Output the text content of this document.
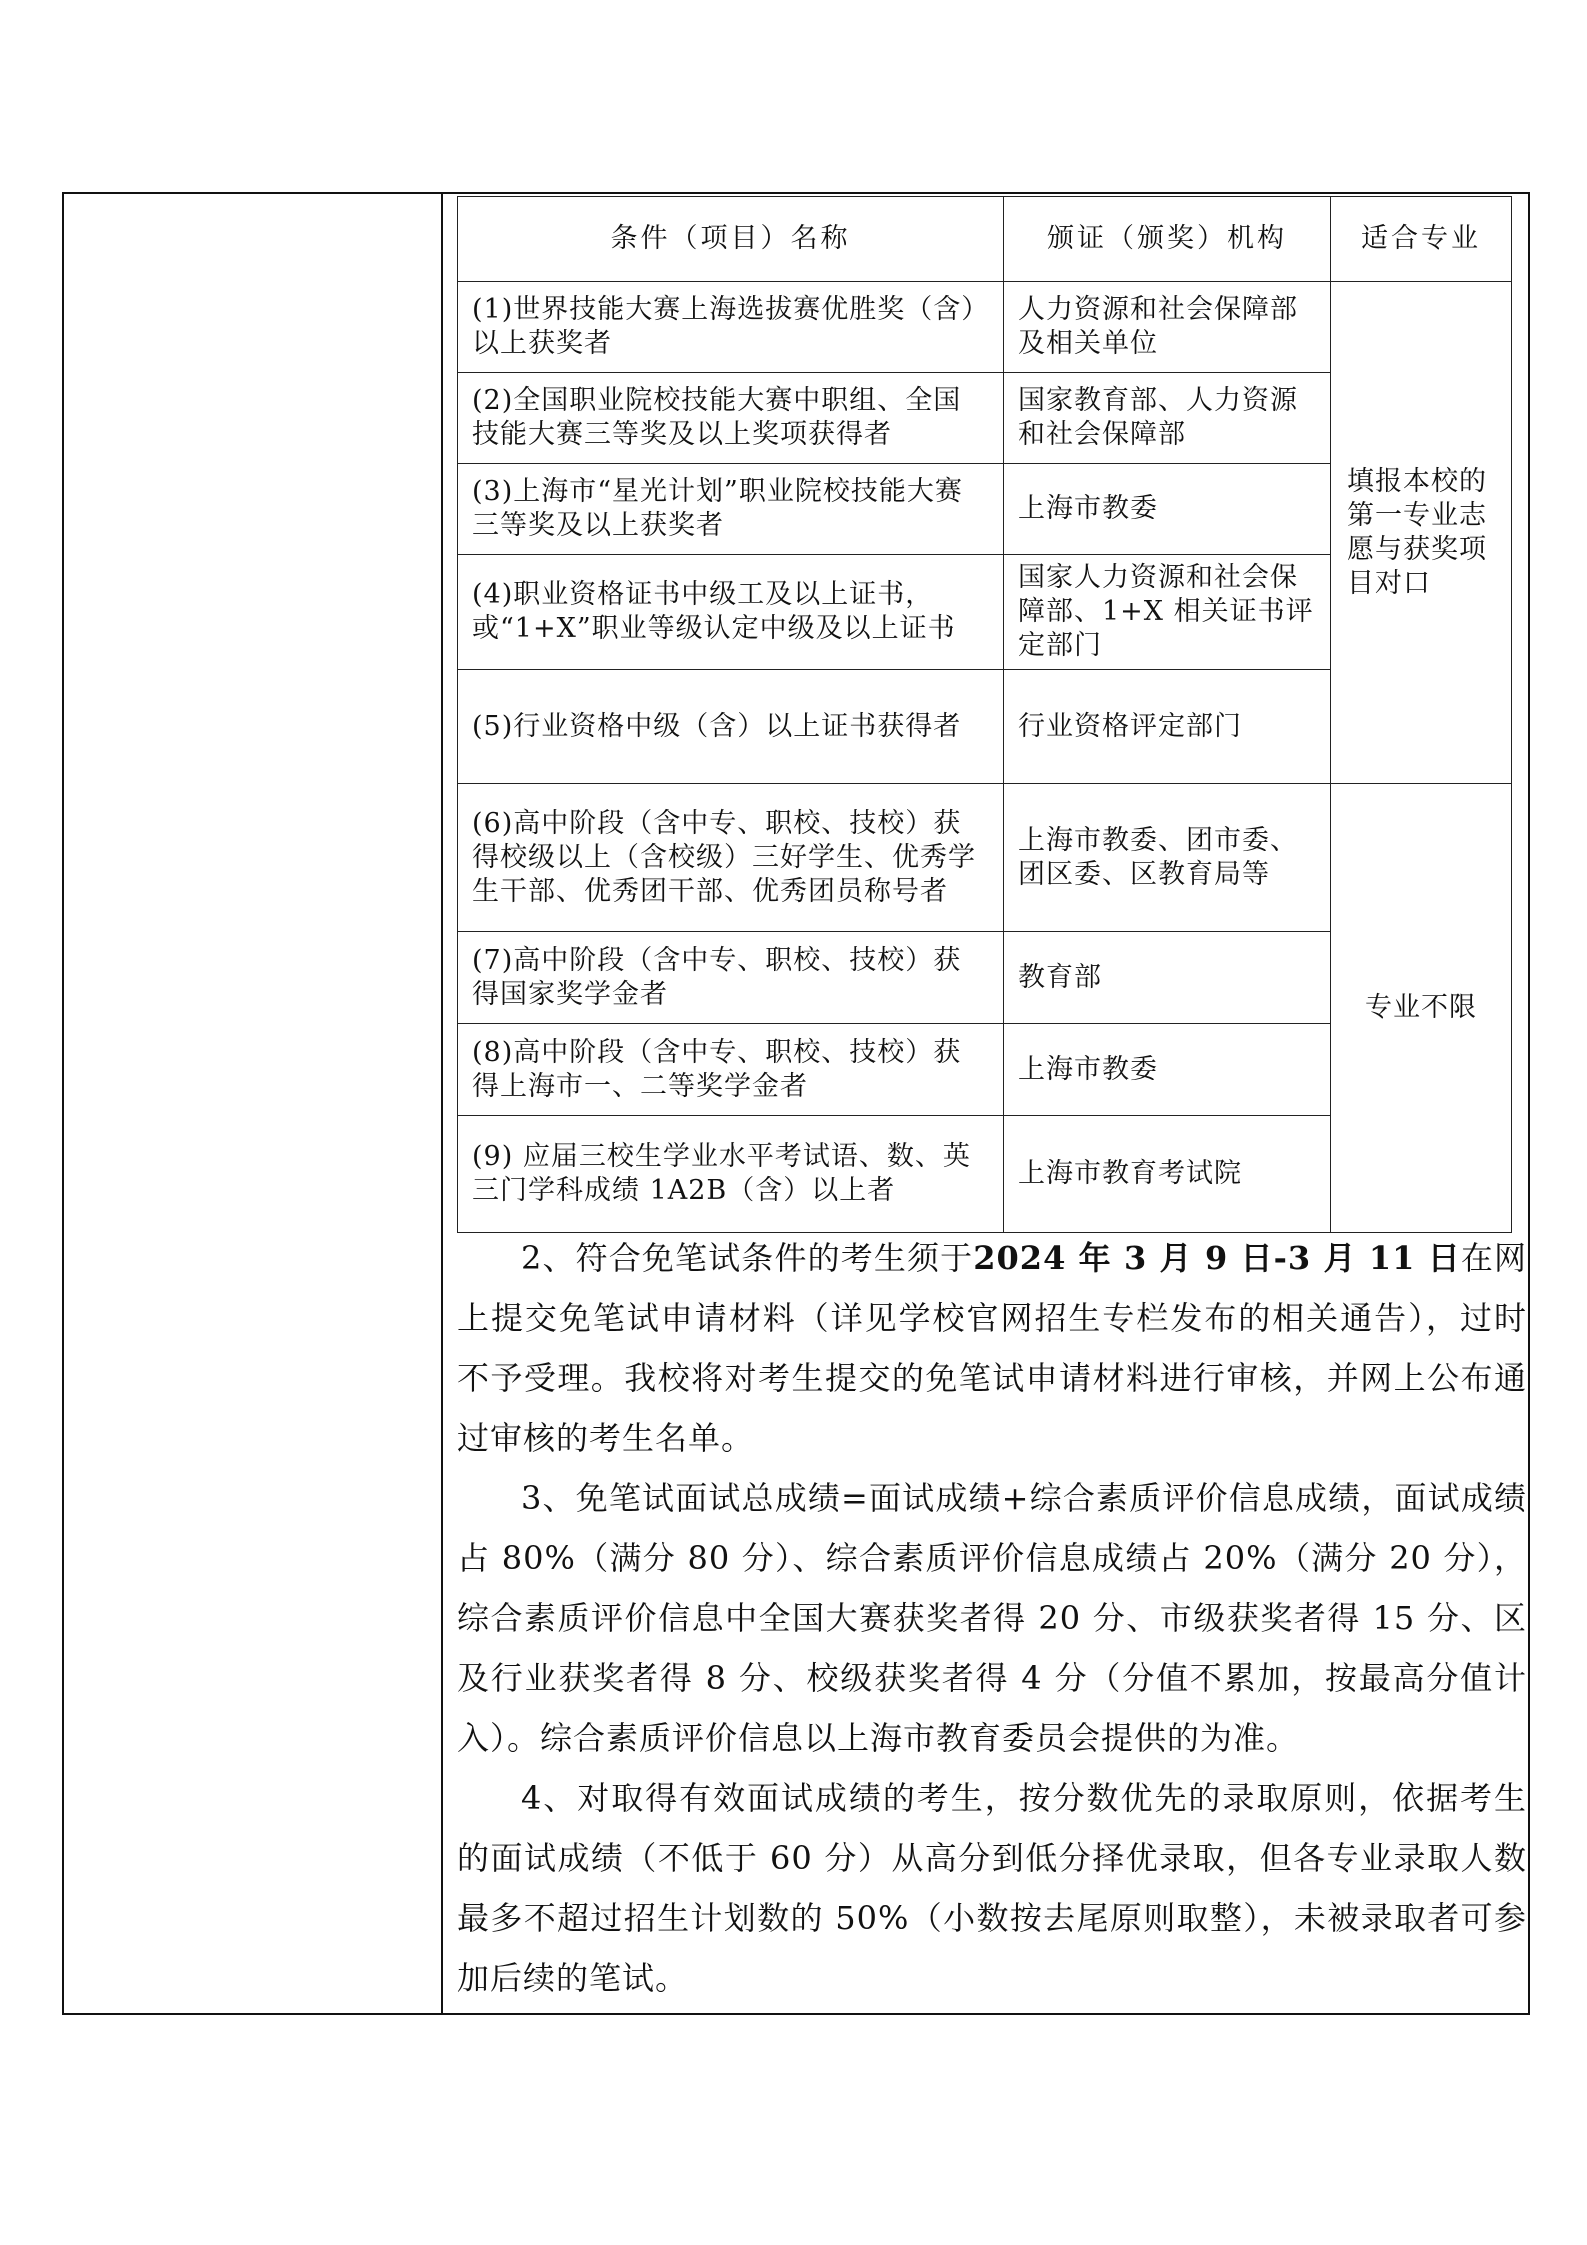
条件（项目）名称	颁证（颁奖）机构	适合专业
(1)世界技能大赛上海选拔赛优胜奖（含）以上获奖者	人力资源和社会保障部及相关单位	填报本校的第一专业志愿与获奖项目对口
(2)全国职业院校技能大赛中职组、全国技能大赛三等奖及以上奖项获得者	国家教育部、人力资源和社会保障部	
(3)上海市“星光计划”职业院校技能大赛三等奖及以上获奖者	上海市教委	
(4)职业资格证书中级工及以上证书，或“1+X”职业等级认定中级及以上证书	国家人力资源和社会保障部、1+X 相关证书评定部门	
(5)行业资格中级（含）以上证书获得者	行业资格评定部门	
(6)高中阶段（含中专、职校、技校）获得校级以上（含校级）三好学生、优秀学生干部、优秀团干部、优秀团员称号者	上海市教委、团市委、团区委、区教育局等	专业不限
(7)高中阶段（含中专、职校、技校）获得国家奖学金者	教育部	
(8)高中阶段（含中专、职校、技校）获得上海市一、二等奖学金者	上海市教委	
(9) 应届三校生学业水平考试语、数、英三门学科成绩 1A2B（含）以上者	上海市教育考试院	

2、符合免笔试条件的考生须于2024 年 3 月 9 日-3 月 11 日在网上提交免笔试申请材料（详见学校官网招生专栏发布的相关通告），过时不予受理。我校将对考生提交的免笔试申请材料进行审核，并网上公布通过审核的考生名单。

3、免笔试面试总成绩=面试成绩+综合素质评价信息成绩，面试成绩占 80%（满分 80 分）、综合素质评价信息成绩占 20%（满分 20 分），综合素质评价信息中全国大赛获奖者得 20 分、市级获奖者得 15 分、区及行业获奖者得 8 分、校级获奖者得 4 分（分值不累加，按最高分值计入）。综合素质评价信息以上海市教育委员会提供的为准。

4、对取得有效面试成绩的考生，按分数优先的录取原则，依据考生的面试成绩（不低于 60 分）从高分到低分择优录取，但各专业录取人数最多不超过招生计划数的 50%（小数按去尾原则取整），未被录取者可参加后续的笔试。
